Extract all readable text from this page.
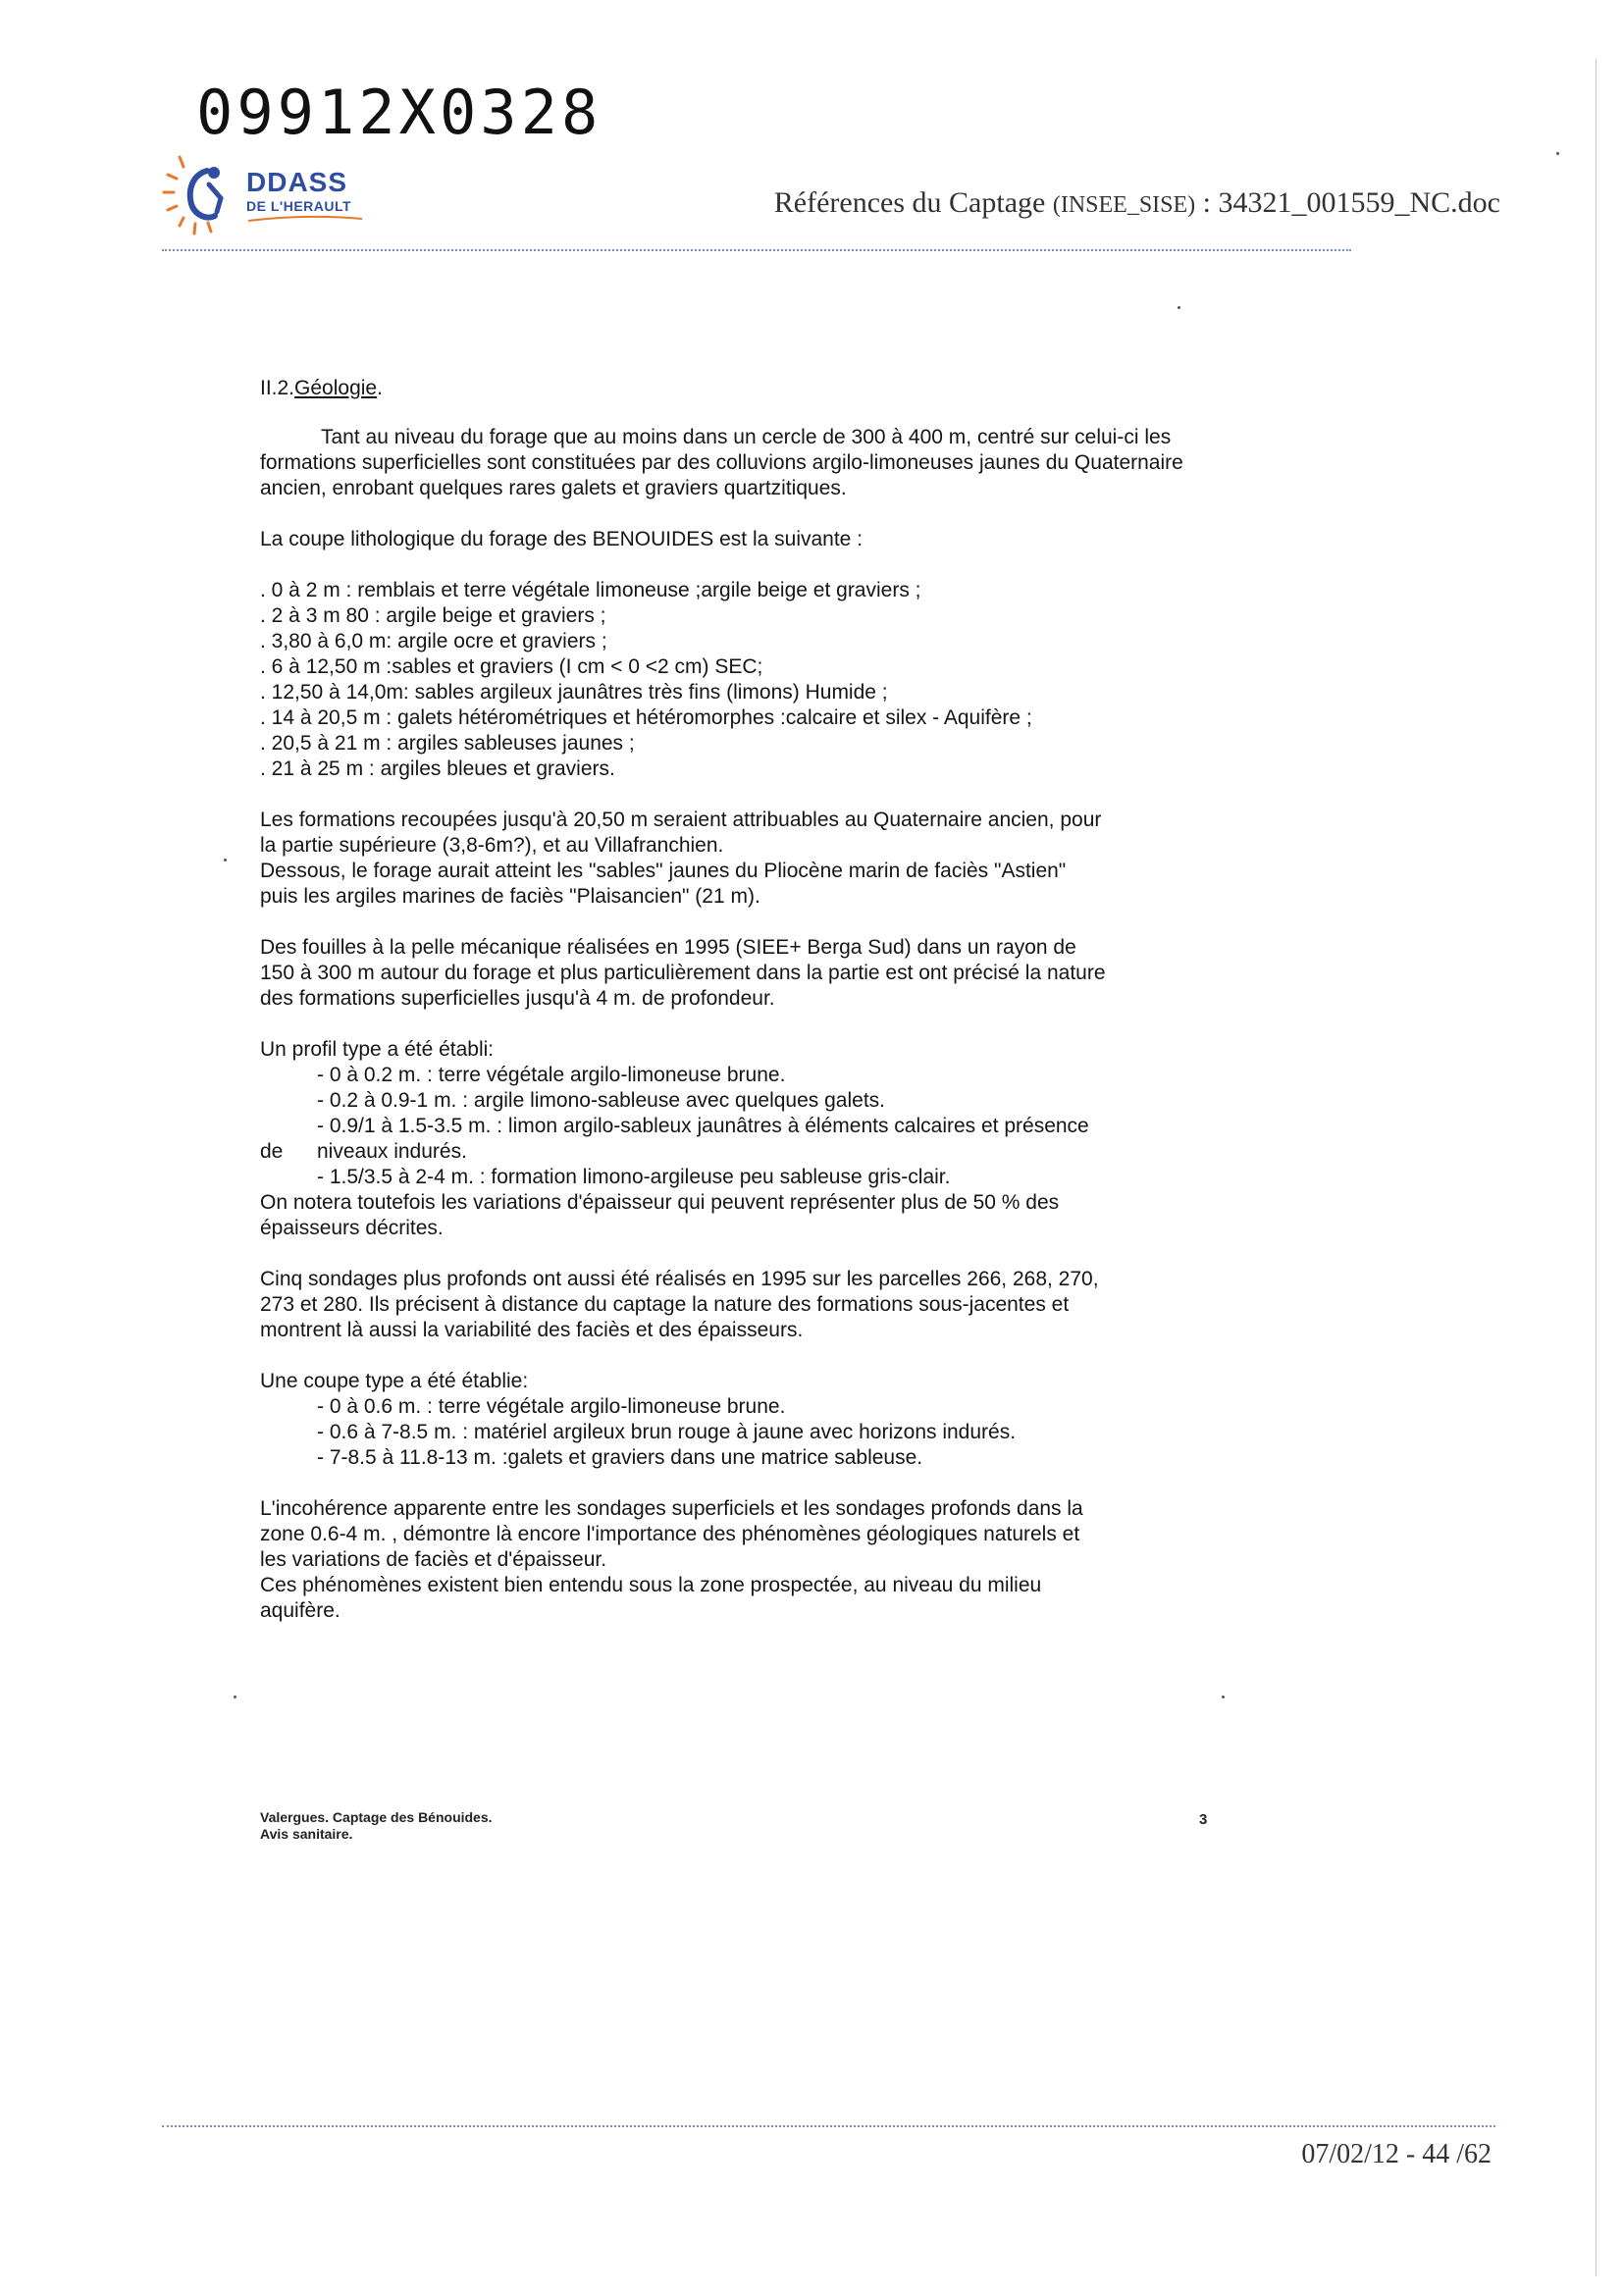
09912X0328
DDASS
DE L'HERAULT	Références du Captage (INSEE_SISE) : 34321_001559_NC.doc

II.2.Géologie.

Tant au niveau du forage que au moins dans un cercle de 300 à 400 m, centré sur celui-ci les formations superficielles sont constituées par des colluvions argilo-limoneuses jaunes du Quaternaire ancien, enrobant quelques rares galets et graviers quartzitiques.

La coupe lithologique du forage des BENOUIDES est la suivante :

. 0 à 2 m : remblais et terre végétale limoneuse ;argile beige et graviers ;

. 2 à 3 m 80 : argile beige et graviers ;

. 3,80 à 6,0 m: argile ocre et graviers ;

. 6 à 12,50 m :sables et graviers (I cm < 0 <2 cm) SEC;

. 12,50 à 14,0m: sables argileux jaunâtres très fins (limons) Humide ;

. 14 à 20,5 m : galets hétérométriques et hétéromorphes :calcaire et silex - Aquifère ;

. 20,5 à 21 m : argiles sableuses jaunes ;

. 21 à 25 m : argiles bleues et graviers.

Les formations recoupées jusqu'à 20,50 m seraient attribuables au Quaternaire ancien, pour

la partie supérieure (3,8-6m?), et au Villafranchien.

Dessous, le forage aurait atteint les "sables" jaunes du Pliocène marin de faciès "Astien"

puis les argiles marines de faciès "Plaisancien" (21 m).

Des fouilles à la pelle mécanique réalisées en 1995 (SIEE+ Berga Sud) dans un rayon de

150 à 300 m autour du forage et plus particulièrement dans la partie est ont précisé la nature

des formations superficielles jusqu'à 4 m. de profondeur.

Un profil type a été établi:

- 0 à 0.2 m. : terre végétale argilo-limoneuse brune.

- 0.2 à 0.9-1 m. : argile limono-sableuse avec quelques galets.

- 0.9/1 à 1.5-3.5 m. : limon argilo-sableux jaunâtres à éléments calcaires et présence

de niveaux indurés.

- 1.5/3.5 à 2-4 m. : formation limono-argileuse peu sableuse gris-clair.

On notera toutefois les variations d'épaisseur qui peuvent représenter plus de 50 % des

épaisseurs décrites.

Cinq sondages plus profonds ont aussi été réalisés en 1995 sur les parcelles 266, 268, 270,

273 et 280. Ils précisent à distance du captage la nature des formations sous-jacentes et

montrent là aussi la variabilité des faciès et des épaisseurs.

Une coupe type a été établie:

- 0 à 0.6 m. : terre végétale argilo-limoneuse brune.

- 0.6 à 7-8.5 m. : matériel argileux brun rouge à jaune avec horizons indurés.

- 7-8.5 à 11.8-13 m. :galets et graviers dans une matrice sableuse.

L'incohérence apparente entre les sondages superficiels et les sondages profonds dans la

zone 0.6-4 m. , démontre là encore l'importance des phénomènes géologiques naturels et

les variations de faciès et d'épaisseur.

Ces phénomènes existent bien entendu sous la zone prospectée, au niveau du milieu

aquifère.

Valergues. Captage des Bénouides.

Avis sanitaire.

3
07/02/12 - 44 /62
